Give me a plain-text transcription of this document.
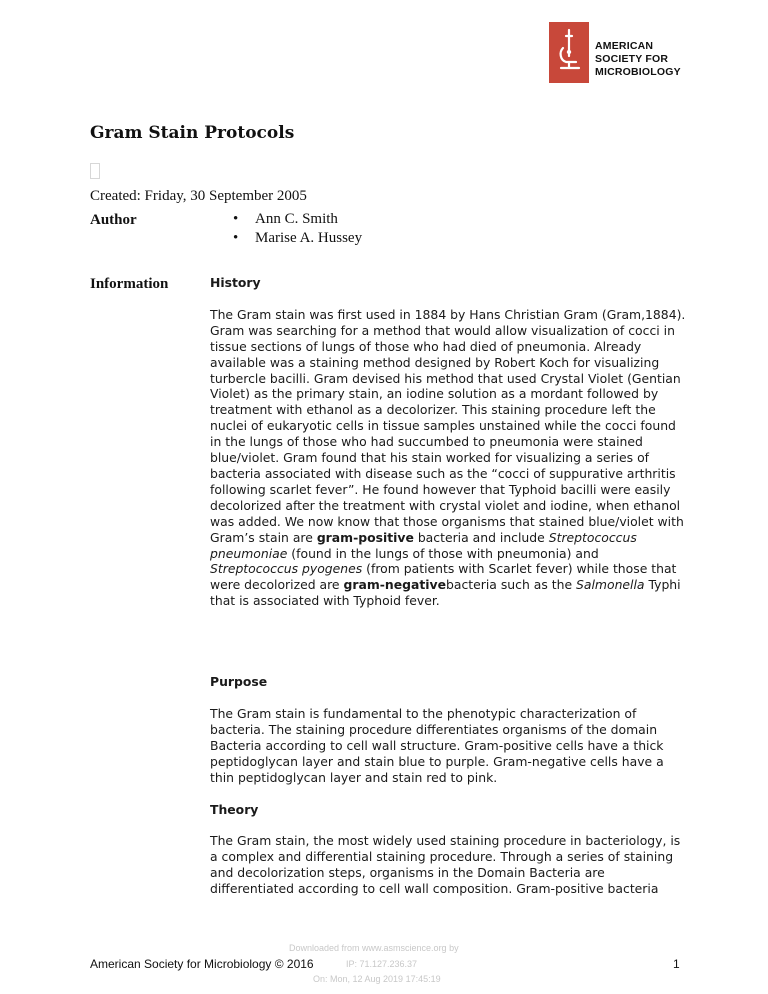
AMERICAN
SOCIETY FOR
MICROBIOLOGY
Gram Stain Protocols
Created: Friday, 30 September 2005
Author
•	Ann C. Smith
• Marise A. Hussey
Information	History

The Gram stain was first used in 1884 by Hans Christian Gram (Gram,1884). Gram was searching for a method that would allow visualization of cocci in tissue sections of lungs of those who had died of pneumonia. Already available was a staining method designed by Robert Koch for visualizing turbercle bacilli. Gram devised his method that used Crystal Violet (Gentian Violet) as the primary stain, an iodine solution as a mordant followed by treatment with ethanol as a decolorizer. This staining procedure left the nuclei of eukaryotic cells in tissue samples unstained while the cocci found in the lungs of those who had succumbed to pneumonia were stained blue/violet. Gram found that his stain worked for visualizing a series of bacteria associated with disease such as the “cocci of suppurative arthritis following scarlet fever”. He found however that Typhoid bacilli were easily decolorized after the treatment with crystal violet and iodine, when ethanol was added. We now know that those organisms that stained blue/violet with Gram’s stain are gram-positive bacteria and include Streptococcus pneumoniae (found in the lungs of those with pneumonia) and Streptococcus pyogenes (from patients with Scarlet fever) while those that were decolorized are gram-negativebacteria such as the Salmonella Typhi that is associated with Typhoid fever.

Purpose

The Gram stain is fundamental to the phenotypic characterization of bacteria. The staining procedure differentiates organisms of the domain Bacteria according to cell wall structure. Gram-positive cells have a thick peptidoglycan layer and stain blue to purple. Gram-negative cells have a thin peptidoglycan layer and stain red to pink.

Theory

The Gram stain, the most widely used staining procedure in bacteriology, is a complex and differential staining procedure. Through a series of staining and decolorization steps, organisms in the Domain Bacteria are differentiated according to cell wall composition. Gram-positive bacteria

Downloaded from www.asmscience.org by
IP: 71.127.236.37
On: Mon, 12 Aug 2019 17:45:19
American Society for Microbiology © 2016	1
